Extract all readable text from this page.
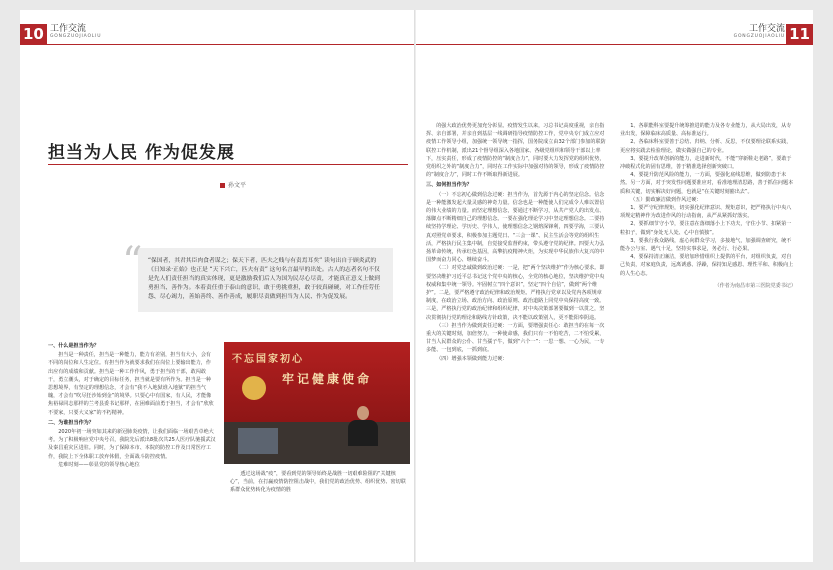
10 工作交流
GONGZUOJIAOLIU
担当为人民 作为促发展
孙文平
“ “保国者，其君其臣肉食者谋之；保天下者，匹夫之贱与有责焉耳矣” 读句出自于顾炎武的《日知录·正始》也正是 “天下兴亡，匹夫有责” 这句名言最早的出处。古人的志者名句不仅是先人们责任担当的真实体现，更是激励我们后人为国为民尽心尽责，才能真正意义上做到勇担当、善作为。本着责任重于泰山的意识，敢于勇挑重担，敢于较真碰硬，对工作任劳任怨、尽心竭力，善始善终、善作善成，履职尽责做到担当为人民、作为促发展。

一、什么是担当作为？

担当是一种责任，担当是一种能力，能力有差别，担当有大小，会有不同的岗位和人生定位。有担当作为就要求我们在岗位上要输出能力，作出应有的成绩和贡献。担当是一种工作作风，勇于担当的干部，敢闯敢干，勇立潮头，对于确定的目标任务，担当就是要有所作为。担当是一种思想境界，有坚定的理想信念，才会有“我不入地狱谁入地狱”的担当气魄，才会有“吹尽狂沙始到金”的境界。只要心中有国家，有人民，才能像焦裕禄同志那样的兰考县委书记那样，在困难面前勇于担当，才会有“欣欣不要家，只要大义家”的不朽精神。

二、为谁担当作为？

2020年初一场突如其来的新冠肺炎疫情，让我们面临一场艰苦卓绝大考。为了积极响应党中央号召，我院先后派出8批次共25人医疗队驰援武汉及秦昌重灾区进驻。同时，为了保障本市、本院的防控工作及日常医疗工作，我院上下全体职工放弃休假，全面战斗防控疫情。

危难时刻——彰显党的领导核心地位

不忘国家初心
牢记健康使命

透过这场战“疫”，要看到党的领导始终是战胜一切艰难险阻的“关键核心”，当前，在打赢疫情防控阻击战中，我们党的政治优势、组织优势、密切联系群众优势转化为疫情的胜

11
工作交流
GONGZUOJIAOLIU

的强大政治优势更加充分彰显。疫情发生以来，习总书记高度重视，亲自指挥、亲自部署，并亲自到基层一线调研指导疫情防控工作，党中央专门成立应对疫情工作领导小组，加强统一领导统一指挥，国务院成立由32个部门参加的联防联控工作机制，派出21个督导组深入各地国家、各级党组织和领导干部以上率下，压实责任，形成了疫情防控的“制度合力”，同时要大力发挥党的组织优势，党组织之外的“制度合力”，同时在工作实际中加强对待的领导，形成了疫情防控的“制度合力”，同时工作不断取得新进展。

三、如何担当作为？

（一）不忘初心做到信念过硬：担当作为，首先源于内心的坚定信念。信念是一种能激发起大量灵感的神奇力量。信念也是一种能使人们完成令人难以置信的伟大业绩的力量。而坚定理想信念，要通过不断学习，从共产党人的出发点、落脚点不断精细自己的理想信念。一要在强化理论学习中坚定理想信念。二要持续坚持学理论、学历史、学伟人，使理想信念之钢熔深锋利，四要学海，三要认真对照党章要求，积极参加主题党日、“三会一课”、民主生活会等党的组织生活，严格执行民主集中制，自觉接受监督约束，带头遵守党的纪律。四要大力弘扬革命传统，传承红色基因，高擎抗疫精神火炬，为实现中华民族伟大复兴的中国梦而奋力同心、继续奋斗。

（二）对党忠诚做到政治过硬：一是，把“两个坚决维护”作为核心要求。即要坚决维护习近平总书记这个党中央的核心，全党的核心地位，坚决维护党中央权威和集中统一领导。牢固树立“四个意识”，坚定“四个自信”，做到“两个维护”。二是，要严格遵守政治纪律和政治规矩。严格执行党章以及党内各项规章制度，在政治立场、政治方向、政治原则、政治道路上同党中央保持高度一致。三是，严格执行党的政治纪律和组织纪律，对中央决策部署要做到一以贯之，坚决贯彻执行党的理论和路线方针政策，决不能以政策别人，更不能阳奉阴违。

（三）担当作为做到责任过硬：一方面，要增强责任心：敢担当的在每一次重大的关键时刻，加倍努力，一种使命感，我们只有一不怕吃苦，二不怕受累，甘当人民群众的公仆、甘当孺子牛，做到“六个一”：一思一想、一心为民，一专多能、一包到底，一抓到底。

（四）增强本领做到能力过硬：

1、各职能科室要提升统筹推进的能力及各专业能力，从大局出发，从专业出发，保障临床高质量、高标准运行。

2、各临床科室要善于总结、归纳、分析、反思，不仅要理论联系实践，更应将实践去检验理论，做实做强自己的专业。

3、要提升改革创新的能力，走进新时代，不能“穿新鞋走老路”，要敢于冲破程式化的固有思维，善于精准选择创新突破口。

4、要提升防范风险的能力，一方面，要强化底线思维，做到防患于未然。另一方面，对于突发性问题要准应对，看准地理清思路，善于抓住问题本质和关键，切实解决好问题，也就是“在关键时刻豁出去”。

（五）勤政廉洁做到作风过硬：

1、要严守纪律规矩，切实强化纪律意识、规矩意识，把严格执行中央八项规定精神作为改进作风的行动指南，从严从紧抓好落实。

2、要抓细节守小节，要注意在落细落小上下功夫，守住小节、扣紧第一粒扣子，做到“身处无人处、心中自慎独”。

3、要我行我众路线，虚心向群众学习，多接地气，加强调查研究，统不能办公与室、遇气十足，坚持实事求是，务必行、行必果。

4、要保持清正廉洁，要培加珍惜组织上提供的平台，对组织负责，对自己负责，对家庭负责，远离诱惑、浮躁，保持知足感恩、理性平和、积极向上的人生心态。

（作者为南昌市第三医院党委书记）
